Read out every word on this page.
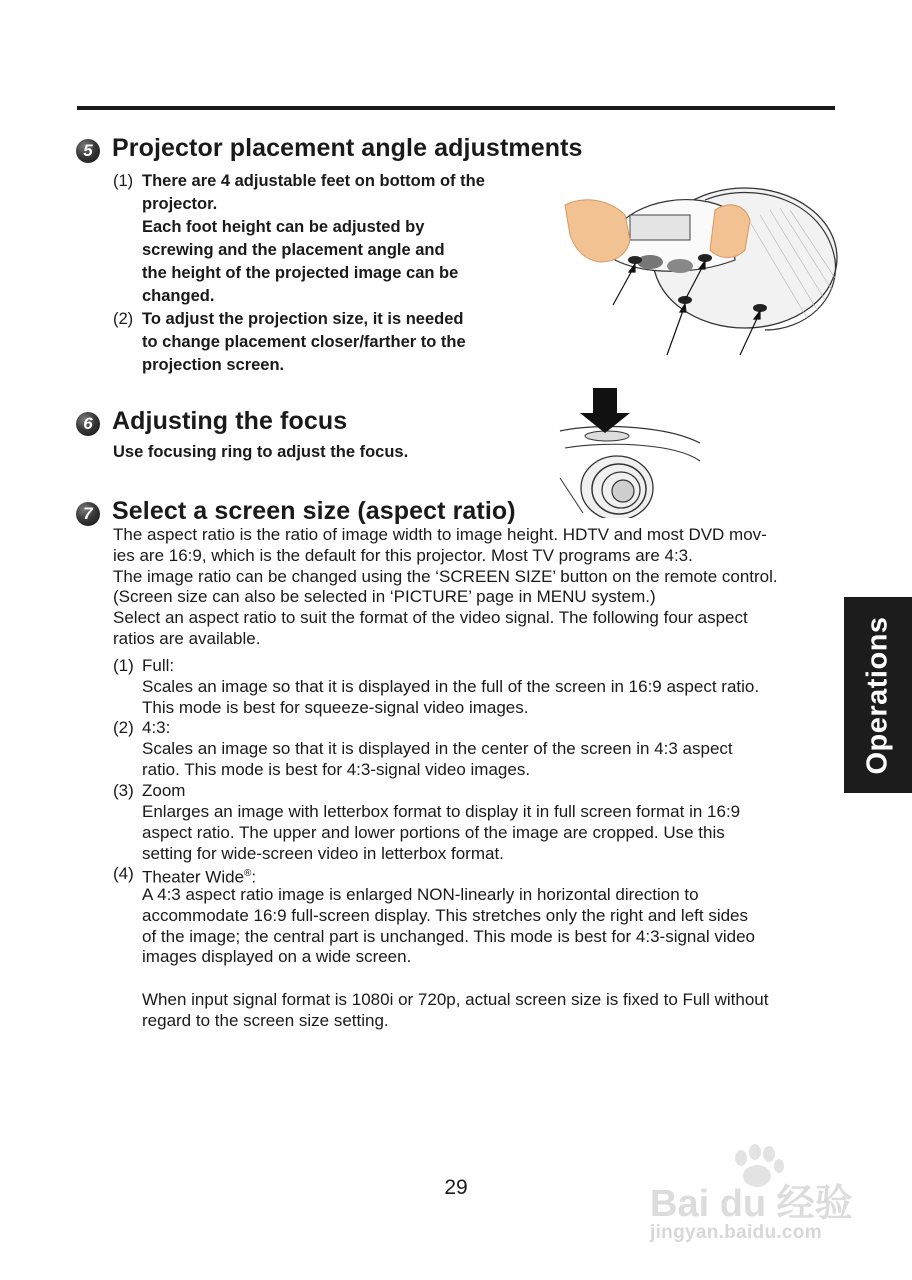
5 Projector placement angle adjustments
(1) There are 4 adjustable feet on bottom of the
projector.
Each foot height can be adjusted by
screwing and the placement angle and
the height of the projected image can be
changed.
(2) To adjust the projection size, it is needed
to change placement closer/farther to the
projection screen.
6 Adjusting the focus
Use focusing ring to adjust the focus.
7 Select a screen size (aspect ratio)
The aspect ratio is the ratio of image width to image height. HDTV and most DVD mov-
ies are 16:9, which is the default for this projector. Most TV programs are 4:3.
The image ratio can be changed using the ‘SCREEN SIZE’ button on the remote control.
(Screen size can also be selected in ‘PICTURE’ page in MENU system.)
Select an aspect ratio to suit the format of the video signal. The following four aspect
ratios are available.
(1) Full:
Scales an image so that it is displayed in the full of the screen in 16:9 aspect ratio.
This mode is best for squeeze-signal video images.
(2) 4:3:
Scales an image so that it is displayed in the center of the screen in 4:3 aspect
ratio. This mode is best for 4:3-signal video images.
(3) Zoom
Enlarges an image with letterbox format to display it in full screen format in 16:9
aspect ratio. The upper and lower portions of the image are cropped. Use this
setting for wide-screen video in letterbox format.
(4) Theater Wide®:
A 4:3 aspect ratio image is enlarged NON-linearly in horizontal direction to
accommodate 16:9 full-screen display. This stretches only the right and left sides
of the image; the central part is unchanged. This mode is best for 4:3-signal video
images displayed on a wide screen.
When input signal format is 1080i or 720p, actual screen size is fixed to Full without
regard to the screen size setting.
Operations
29	Bai du 经验
jingyan.baidu.com
